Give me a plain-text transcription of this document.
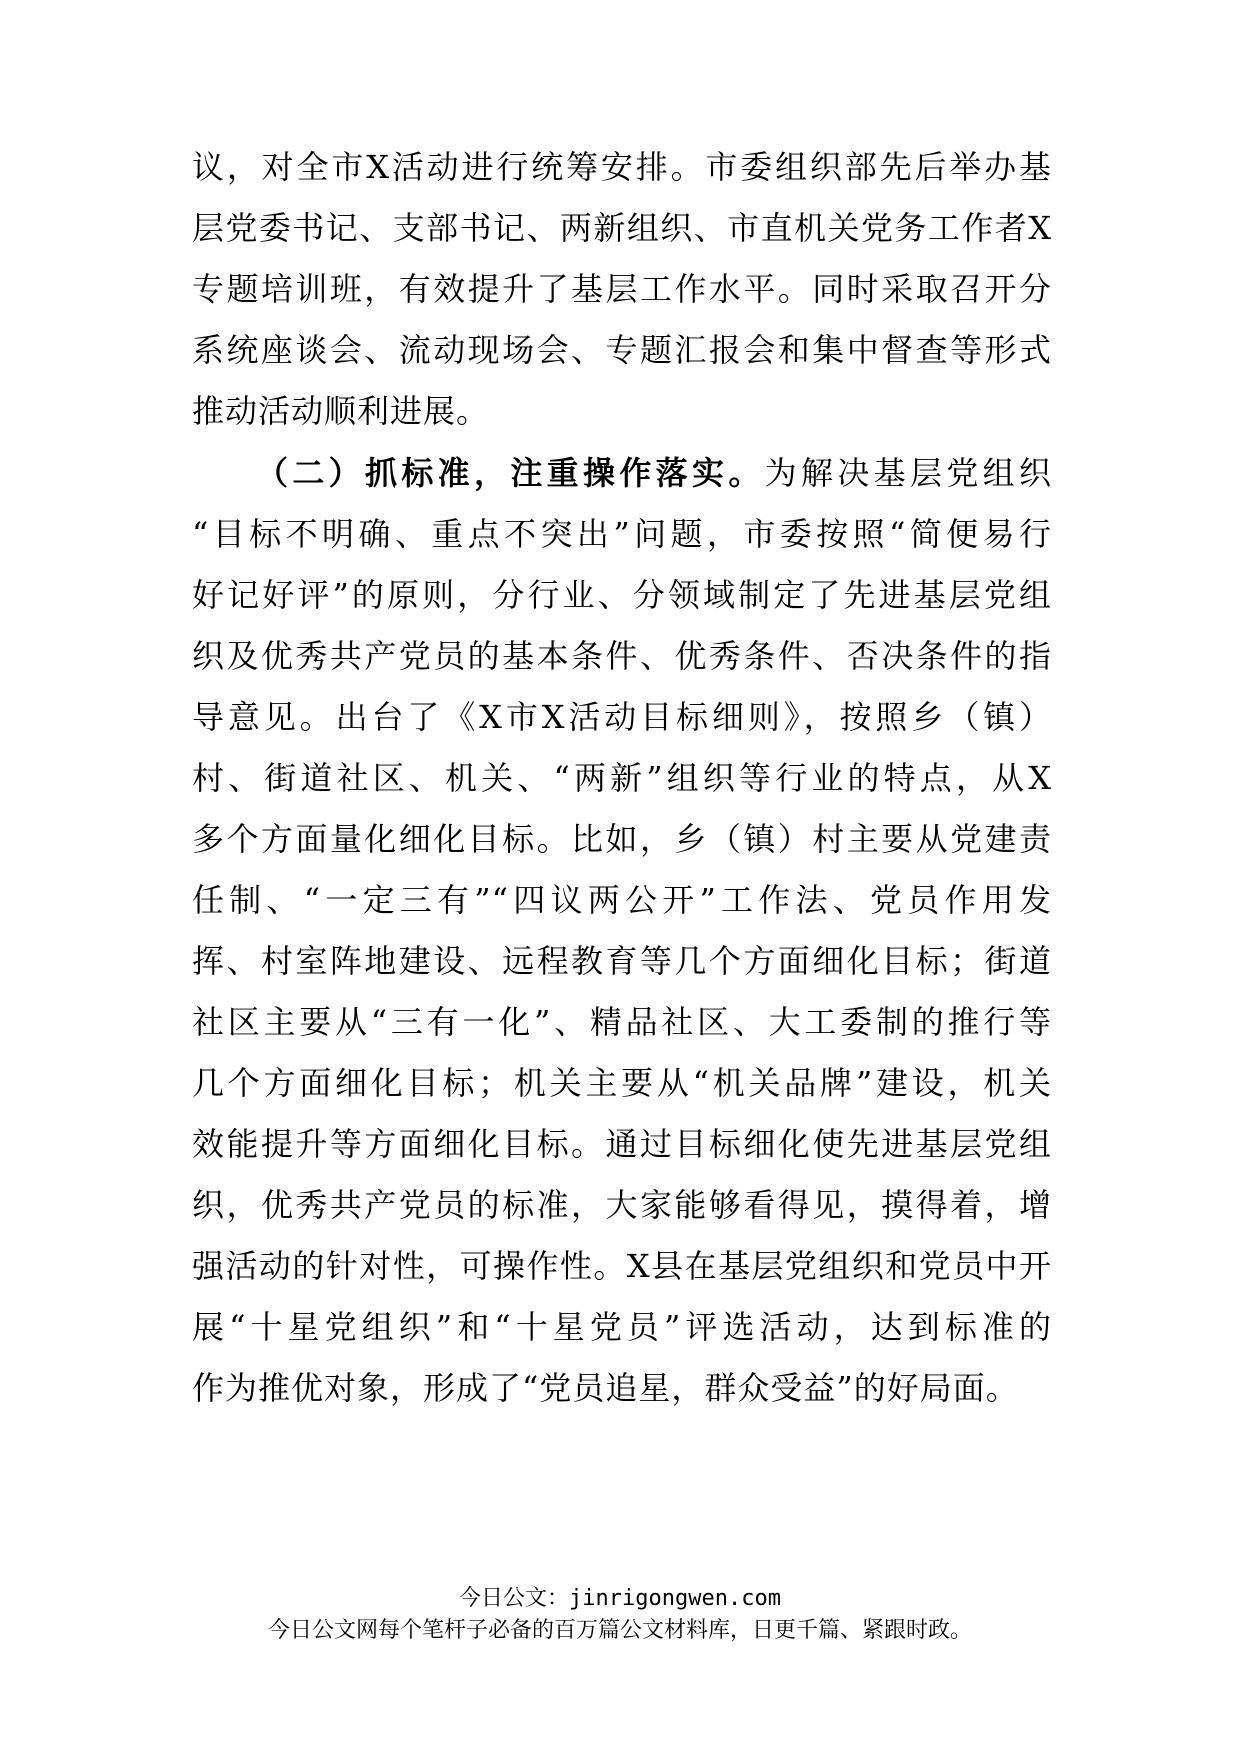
议，对全市X活动进行统筹安排。市委组织部先后举办基
层党委书记、支部书记、两新组织、市直机关党务工作者X
专题培训班，有效提升了基层工作水平。同时采取召开分
系统座谈会、流动现场会、专题汇报会和集中督查等形式
推动活动顺利进展。
（二）抓标准，注重操作落实。为解决基层党组织
“目标不明确、重点不突出”问题，市委按照“简便易行
好记好评”的原则，分行业、分领域制定了先进基层党组
织及优秀共产党员的基本条件、优秀条件、否决条件的指
导意见。出台了《X市X活动目标细则》，按照乡（镇）
村、街道社区、机关、“两新”组织等行业的特点，从X
多个方面量化细化目标。比如，乡（镇）村主要从党建责
任制、“一定三有”“四议两公开”工作法、党员作用发
挥、村室阵地建设、远程教育等几个方面细化目标；街道
社区主要从“三有一化”、精品社区、大工委制的推行等
几个方面细化目标；机关主要从“机关品牌”建设，机关
效能提升等方面细化目标。通过目标细化使先进基层党组
织，优秀共产党员的标准，大家能够看得见，摸得着，增
强活动的针对性，可操作性。X县在基层党组织和党员中开
展“十星党组织”和“十星党员”评选活动，达到标准的
作为推优对象，形成了“党员追星，群众受益”的好局面。
今日公文：jinrigongwen.com
今日公文网每个笔杆子必备的百万篇公文材料库，日更千篇、紧跟时政。
